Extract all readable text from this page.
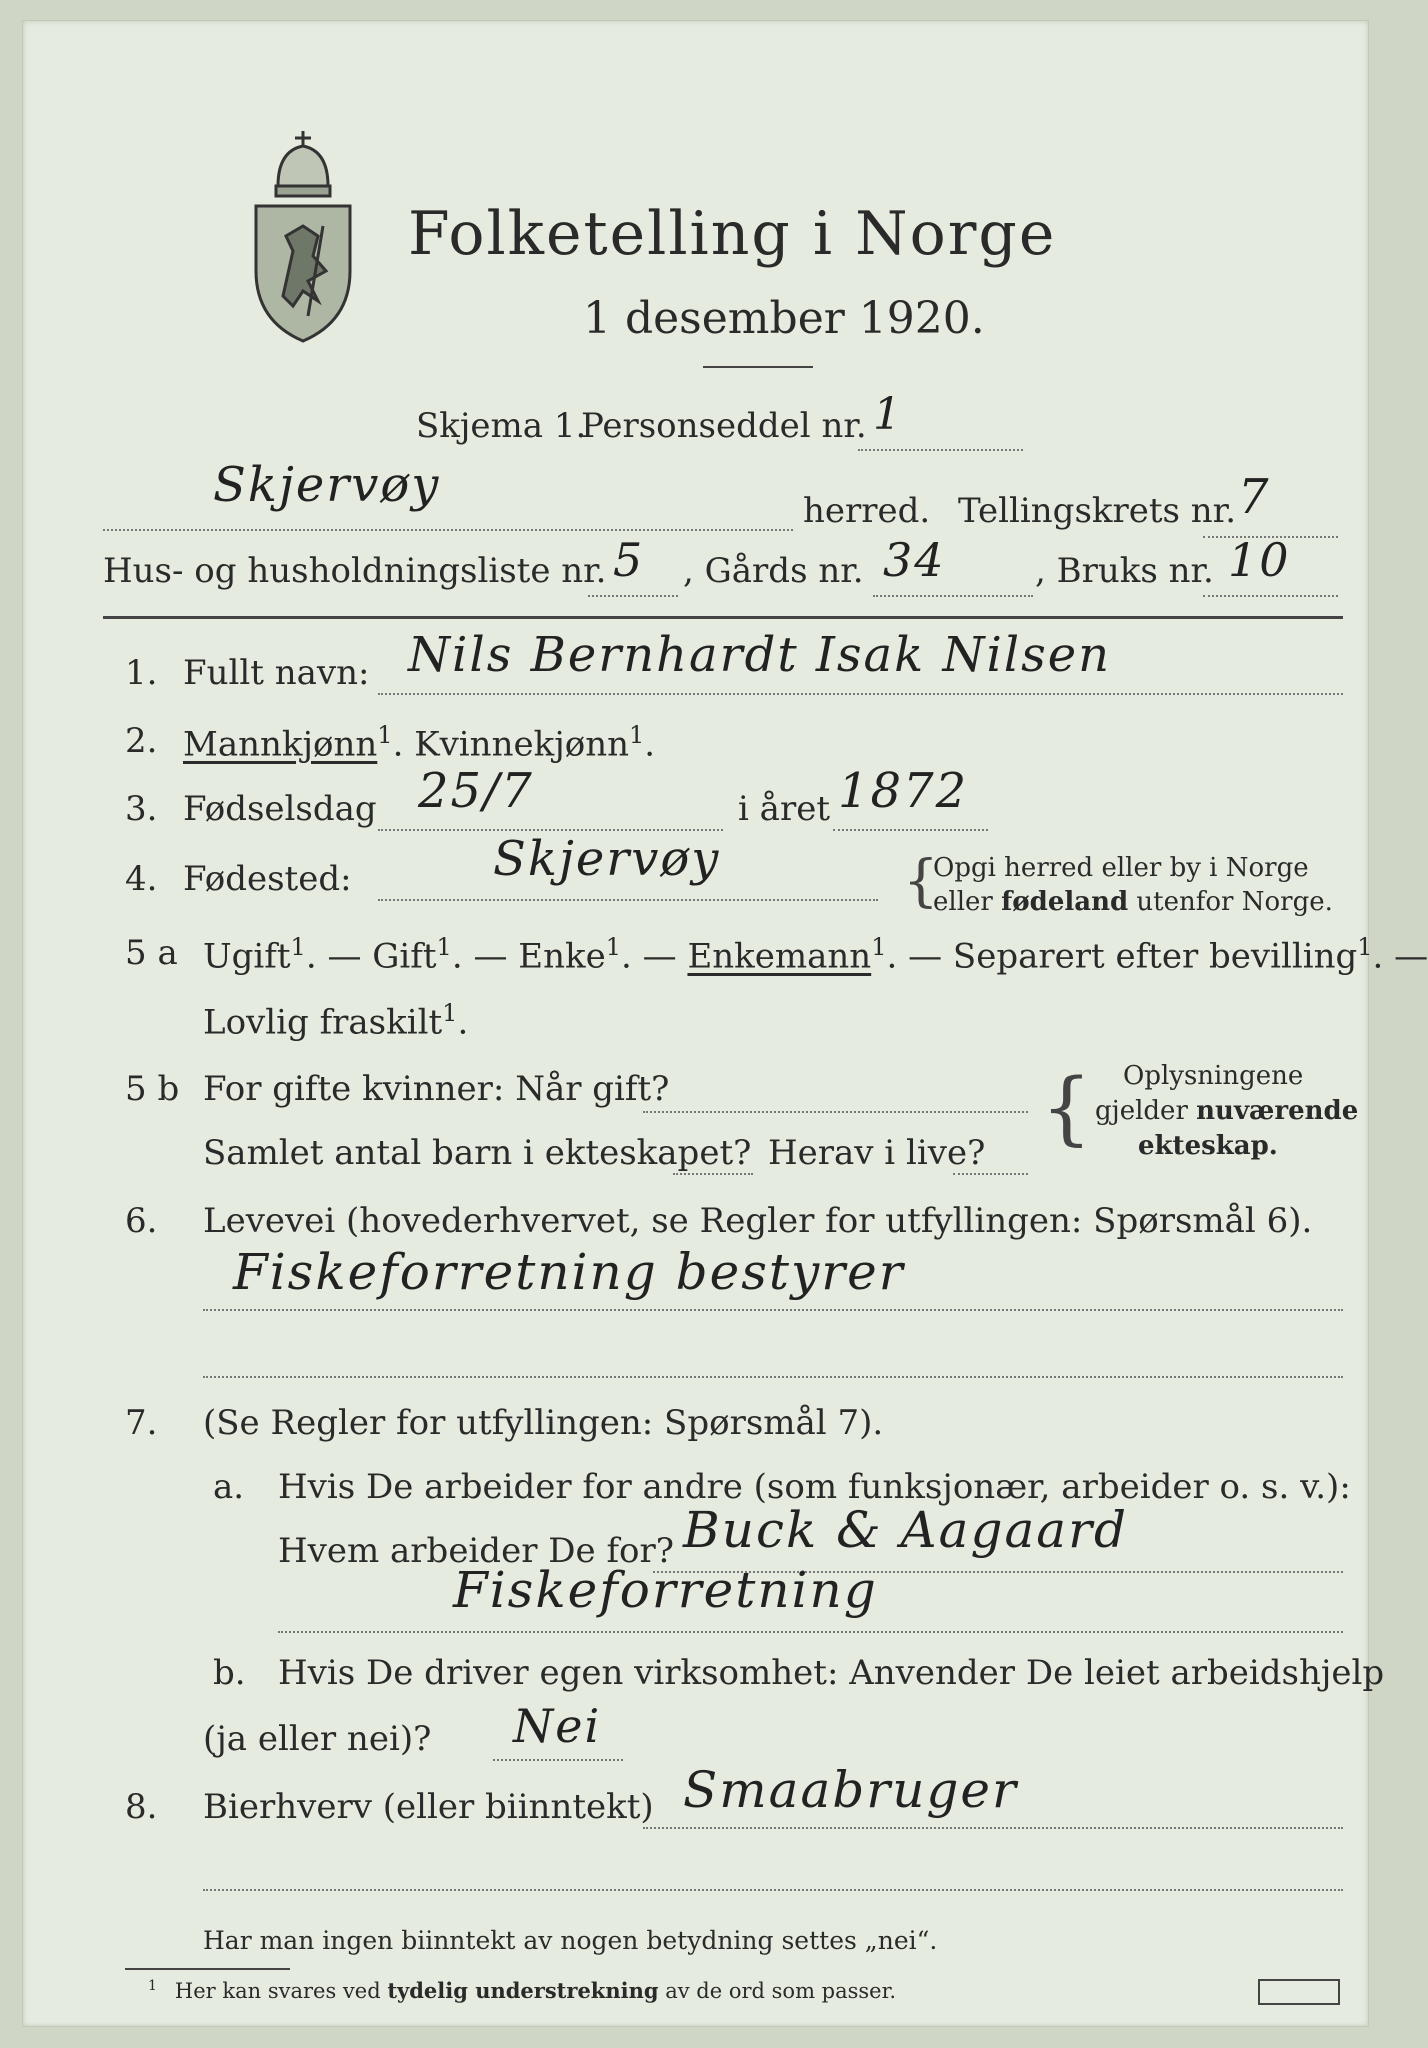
Folketelling i Norge
1 desember 1920.
Skjema 1.
Personseddel nr. 1
Skjervøy	herred. Tellingskrets nr. 7
Hus- og husholdningsliste nr. 5 , Gårds nr. 34	, Bruks nr. 10
1. Fullt navn: Nils Bernhardt Isak Nilsen
2. Mannkjønn$^1$. Kvinnekjønn$^1$.
3. Fødselsdag 25/7	i året 1872
4. Fødested:	Skjervøy	{
Opgi herred eller by i Norge
eller fødeland utenfor Norge.
5 a Ugift$^1$. — Gift$^1$. — Enke$^1$. — Enkemann$^1$. — Separert efter bevilling$^1$. —
Lovlig fraskilt$^1$.
5 b For gifte kvinner: Når gift?
Samlet antal barn i ekteskapet? Herav i live? { Oplysningene
gjelder nuværende
ekteskap.
6. Levevei (hovederhvervet, se Regler for utfyllingen: Spørsmål 6).
Fiskeforretning bestyrer
7. (Se Regler for utfyllingen: Spørsmål 7).
a. Hvis De arbeider for andre (som funksjonær, arbeider o. s. v.):
Hvem arbeider De for? Buck & Aagaard
Fiskeforretning
b. Hvis De driver egen virksomhet: Anvender De leiet arbeidshjelp
(ja eller nei)? Nei
8. Bierhverv (eller biinntekt) Smaabruger
Har man ingen biinntekt av nogen betydning settes „nei“.
$^1$ Her kan svares ved tydelig understrekning av de ord som passer.
